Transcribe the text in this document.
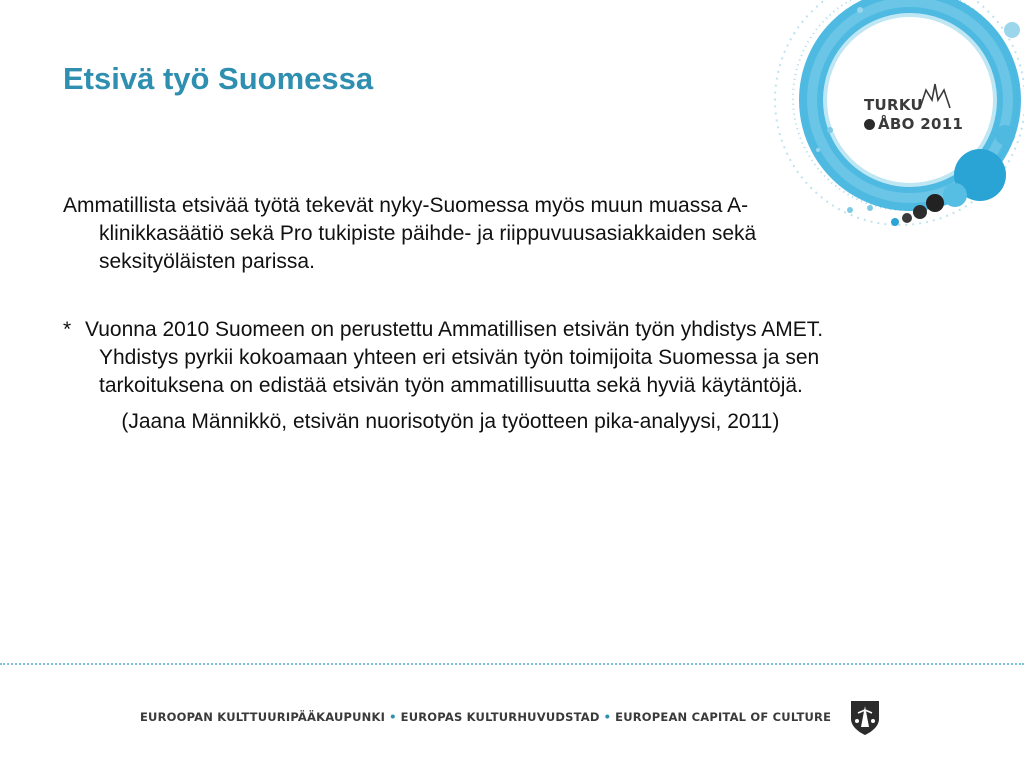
TURKU
ÅBO 2011
Etsivä työ Suomessa

Ammatillista etsivää työtä tekevät nyky-Suomessa myös muun muassa A-klinikkasäätiö sekä Pro tukipiste päihde- ja riippuvuusasiakkaiden sekä seksityöläisten parissa.

* Vuonna 2010 Suomeen on perustettu Ammatillisen etsivän työn yhdistys AMET. Yhdistys pyrkii kokoamaan yhteen eri etsivän työn toimijoita Suomessa ja sen tarkoituksena on edistää etsivän työn ammatillisuutta sekä hyviä käytäntöjä.

(Jaana Männikkö, etsivän nuorisotyön ja työotteen pika-analyysi, 2011)

EUROOPAN KULTTUURIPÄÄKAUPUNKI • EUROPAS KULTURHUVUDSTAD • EUROPEAN CAPITAL OF CULTURE
